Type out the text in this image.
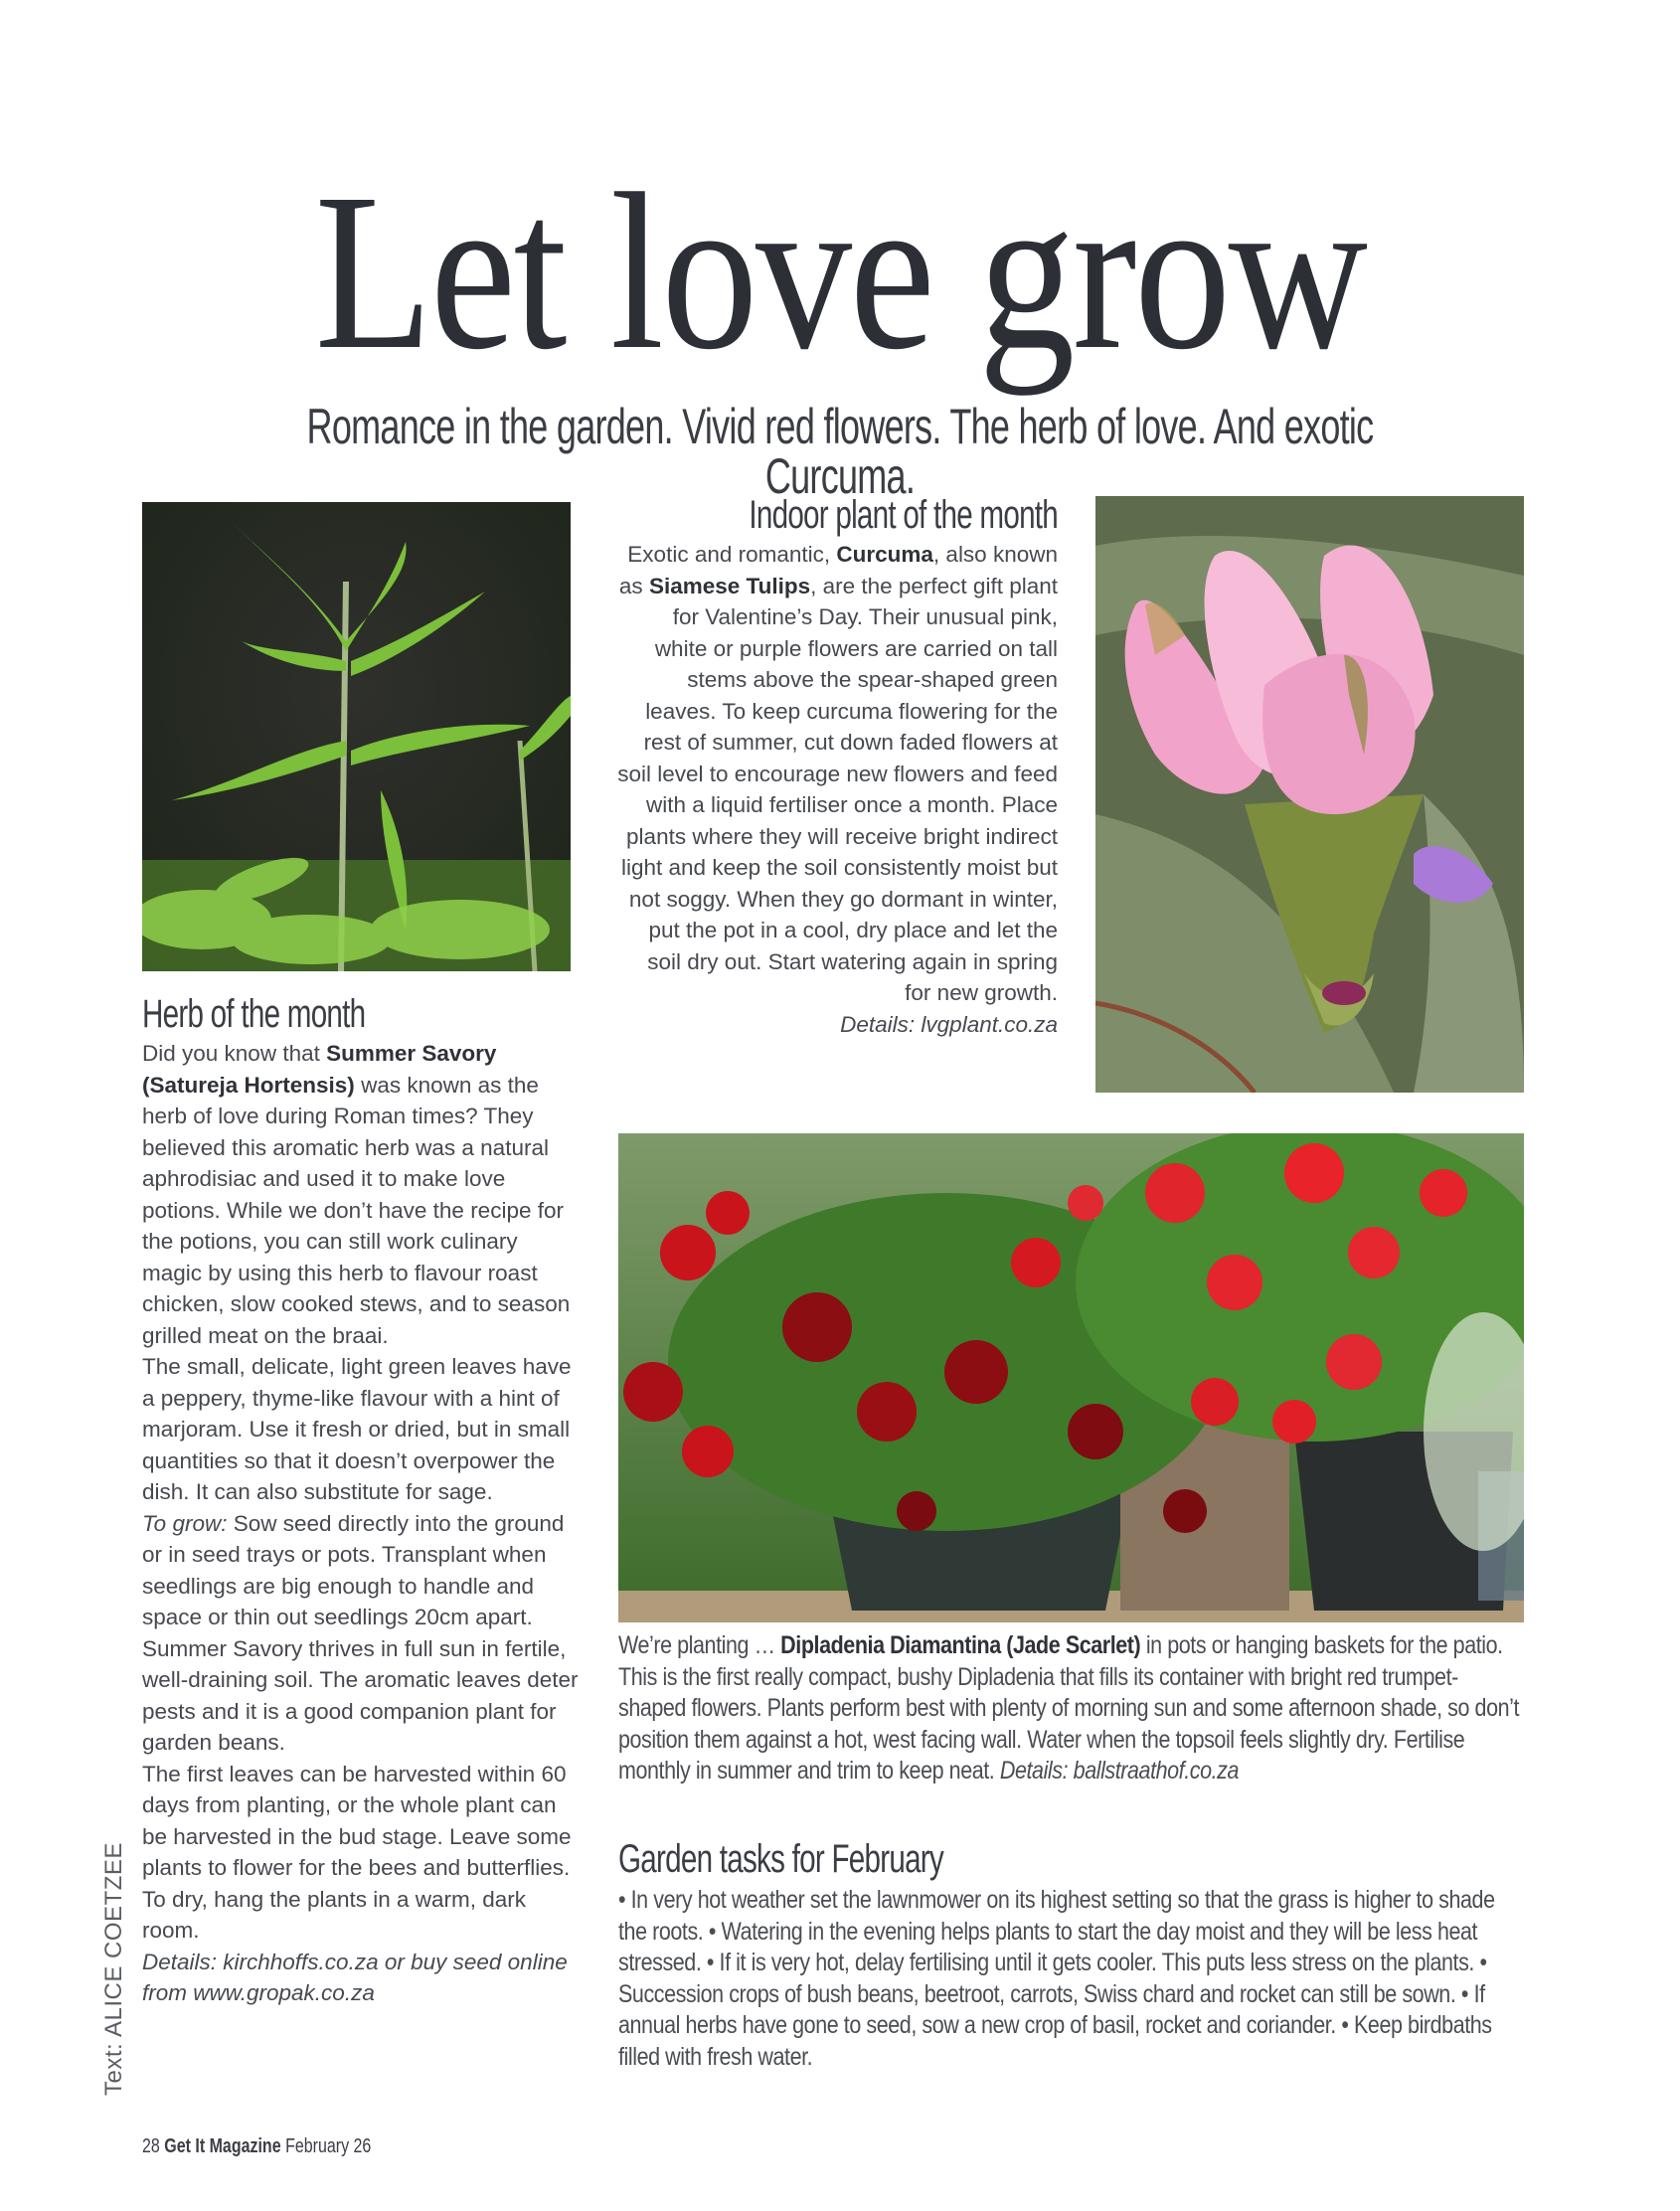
Let love grow
Romance in the garden. Vivid red flowers. The herb of love. And exotic Curcuma.
Herb of the month

Did you know that Summer Savory (Satureja Hortensis) was known as the herb of love during Roman times? They believed this aromatic herb was a natural aphrodisiac and used it to make love potions. While we don’t have the recipe for the potions, you can still work culinary magic by using this herb to flavour roast chicken, slow cooked stews, and to season grilled meat on the braai.

The small, delicate, light green leaves have a peppery, thyme-like flavour with a hint of marjoram. Use it fresh or dried, but in small quantities so that it doesn’t overpower the dish. It can also substitute for sage.

To grow: Sow seed directly into the ground or in seed trays or pots. Transplant when seedlings are big enough to handle and space or thin out seedlings 20cm apart. Summer Savory thrives in full sun in fertile, well-draining soil. The aromatic leaves deter pests and it is a good companion plant for garden beans.

The first leaves can be harvested within 60 days from planting, or the whole plant can be harvested in the bud stage. Leave some plants to flower for the bees and butterflies. To dry, hang the plants in a warm, dark room.

Details: kirchhoffs.co.za or buy seed online from www.gropak.co.za

Indoor plant of the month

Exotic and romantic, Curcuma, also known as Siamese Tulips, are the perfect gift plant for Valentine’s Day. Their unusual pink, white or purple flowers are carried on tall stems above the spear-shaped green leaves. To keep curcuma flowering for the rest of summer, cut down faded flowers at soil level to encourage new flowers and feed with a liquid fertiliser once a month. Place plants where they will receive bright indirect light and keep the soil consistently moist but not soggy. When they go dormant in winter, put the pot in a cool, dry place and let the soil dry out. Start watering again in spring for new growth.

Details: lvgplant.co.za

We’re planting … Dipladenia Diamantina (Jade Scarlet) in pots or hanging baskets for the patio. This is the first really compact, bushy Dipladenia that fills its container with bright red trumpet-shaped flowers. Plants perform best with plenty of morning sun and some afternoon shade, so don’t position them against a hot, west facing wall. Water when the topsoil feels slightly dry. Fertilise monthly in summer and trim to keep neat. Details: ballstraathof.co.za

Garden tasks for February

• In very hot weather set the lawnmower on its highest setting so that the grass is higher to shade the roots. • Watering in the evening helps plants to start the day moist and they will be less heat stressed. • If it is very hot, delay fertilising until it gets cooler. This puts less stress on the plants. • Succession crops of bush beans, beetroot, carrots, Swiss chard and rocket can still be sown. • If annual herbs have gone to seed, sow a new crop of basil, rocket and coriander. • Keep birdbaths filled with fresh water.

Text: ALICE COETZEE
28 Get It Magazine February 26
